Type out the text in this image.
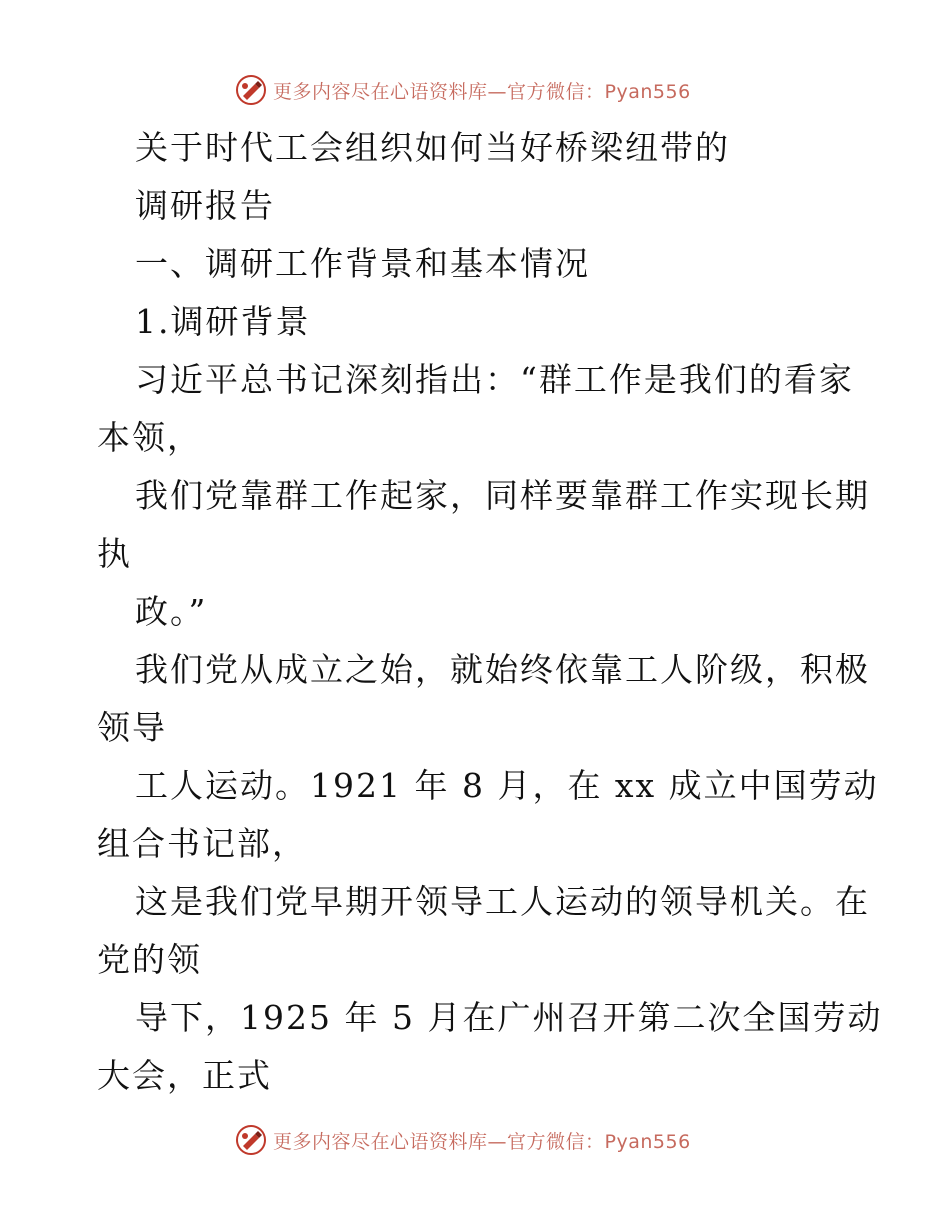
更多内容尽在心语资料库—官方微信：Pyan556
关于时代工会组织如何当好桥梁纽带的
调研报告
一、调研工作背景和基本情况
1.调研背景
习近平总书记深刻指出：“群工作是我们的看家
本领，
我们党靠群工作起家，同样要靠群工作实现长期
执
政。”
我们党从成立之始，就始终依靠工人阶级，积极
领导
工人运动。1921 年 8 月，在 xx 成立中国劳动
组合书记部，
这是我们党早期开领导工人运动的领导机关。在
党的领
导下，1925 年 5 月在广州召开第二次全国劳动
大会，正式
更多内容尽在心语资料库—官方微信：Pyan556
